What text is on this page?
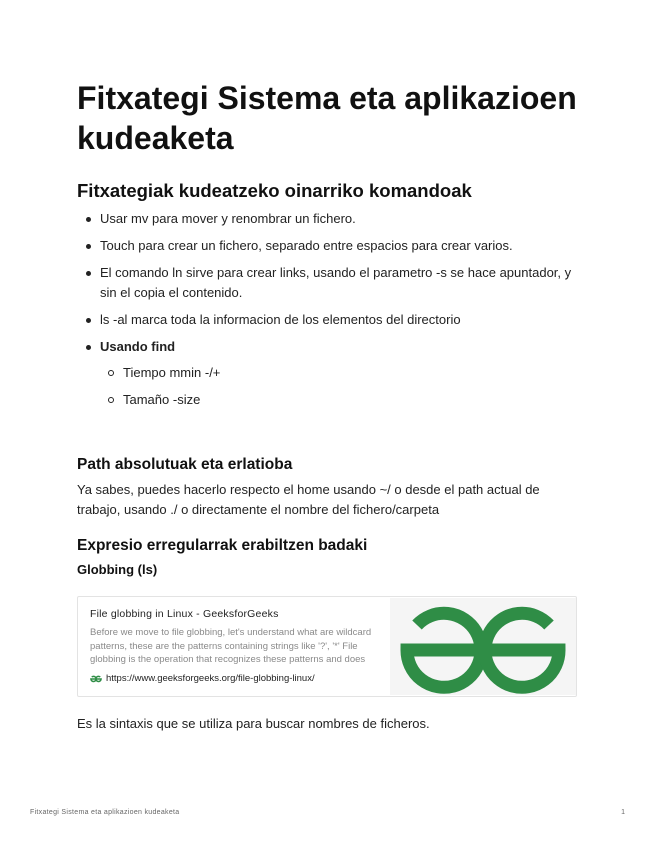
Fitxategi Sistema eta aplikazioen kudeaketa
Fitxategiak kudeatzeko oinarriko komandoak
Usar mv para mover y renombrar un fichero.
Touch para crear un fichero, separado entre espacios para crear varios.
El comando ln sirve para crear links, usando el parametro -s se hace apuntador, y sin el copia el contenido.
ls -al marca toda la informacion de los elementos del directorio
Usando find
Tiempo mmin -/+
Tamaño -size
Path absolutuak eta erlatioba

Ya sabes, puedes hacerlo respecto el home usando ~/ o desde el path actual de trabajo, usando ./ o directamente el nombre del fichero/carpeta

Expresio erregularrak erabiltzen badaki
Globbing (ls)

File globbing in Linux - GeeksforGeeks

Before we move to file globbing, let's understand what are wildcard patterns, these are the patterns containing strings like '?', '*' File globbing is the operation that recognizes these patterns and does

https://www.geeksforgeeks.org/file-globbing-linux/

Es la sintaxis que se utiliza para buscar nombres de ficheros.

Fitxategi Sistema eta aplikazioen kudeaketa	1
